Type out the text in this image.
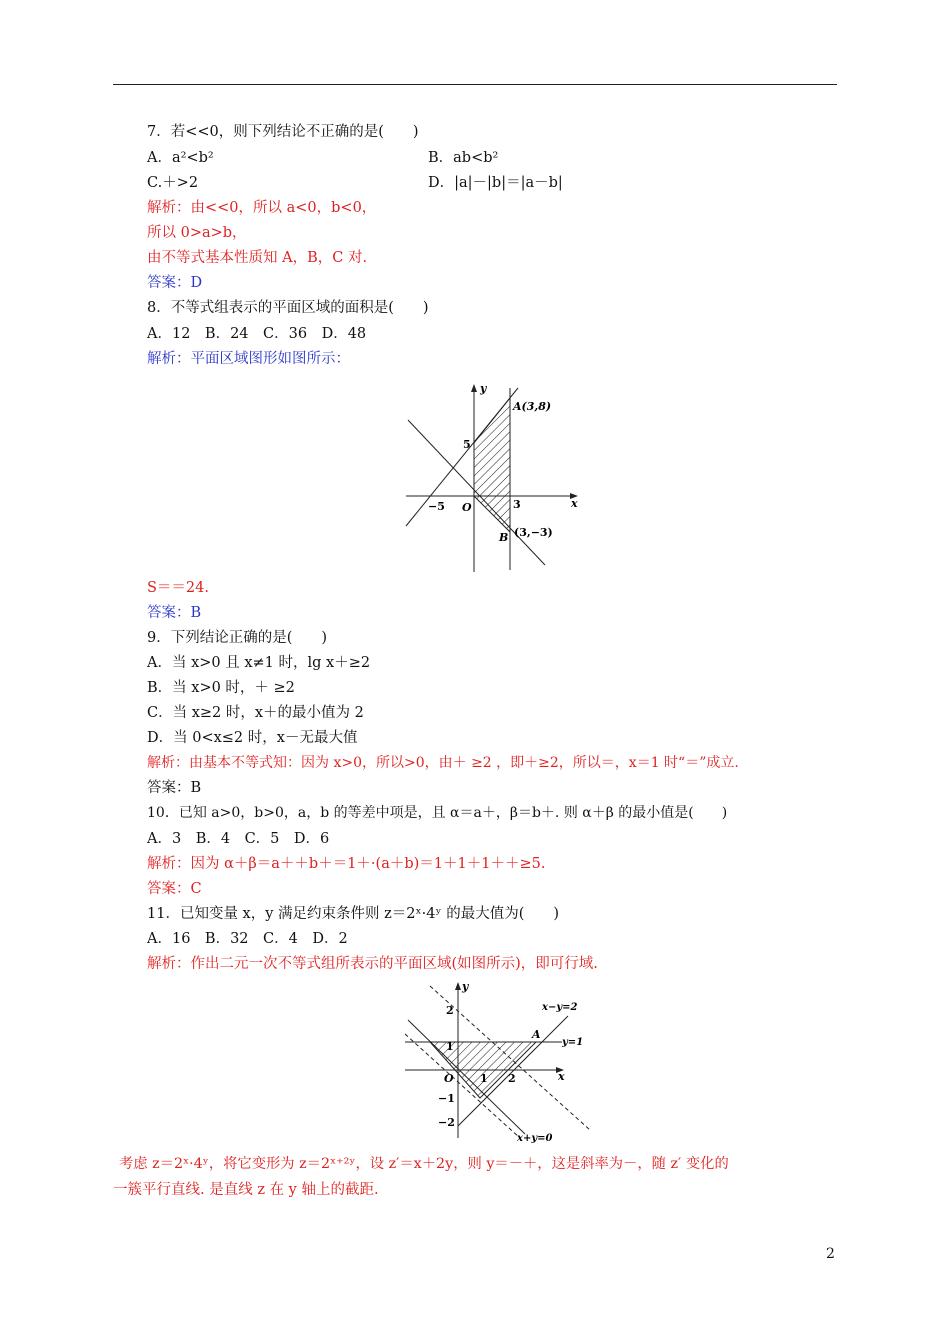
7．若<<0，则下列结论不正确的是(　　)
A．a²<b²	B．ab<b²
C.＋>2	D．|a|－|b|＝|a－b|
解析：由<<0，所以 a<0，b<0，
所以 0>a>b，
由不等式基本性质知 A，B，C 对.
答案：D
8．不等式组表示的平面区域的面积是(　　)
A．12　B．24　C．36　D．48
解析：平面区域图形如图所示：
y
x
A(3,8)
5
−5 O	3
B (3,−3)
S＝＝24.
答案：B
9．下列结论正确的是(　　)
A．当 x>0 且 x≠1 时，lg x＋≥2
B．当 x>0 时，＋ ≥2
C．当 x≥2 时，x＋的最小值为 2
D．当 0<x≤2 时，x－无最大值
解析：由基本不等式知：因为 x>0，所以>0，由＋ ≥2 ，即＋≥2，所以＝，x＝1 时“＝”成立.
答案：B
10．已知 a>0，b>0，a，b 的等差中项是，且 α＝a＋，β＝b＋. 则 α＋β 的最小值是(　　)
A．3　B．4　C．5　D．6
解析：因为 α＋β＝a＋＋b＋＝1＋·(a＋b)＝1＋1＋1＋＋≥5.
答案：C
11．已知变量 x，y 满足约束条件则 z＝2ˣ·4ʸ 的最大值为(　　)
A．16　B．32　C．4　D．2
解析：作出二元一次不等式组所表示的平面区域(如图所示)，即可行域.
y
x
2
1
O 1 2
−1
−2
A
x−y=2
y=1
x+y=0
考虑 z＝2ˣ·4ʸ，将它变形为 z＝2ˣ⁺²ʸ，设 z′＝x＋2y，则 y＝－＋，这是斜率为－，随 z′ 变化的
一簇平行直线. 是直线 z 在 y 轴上的截距.
2
